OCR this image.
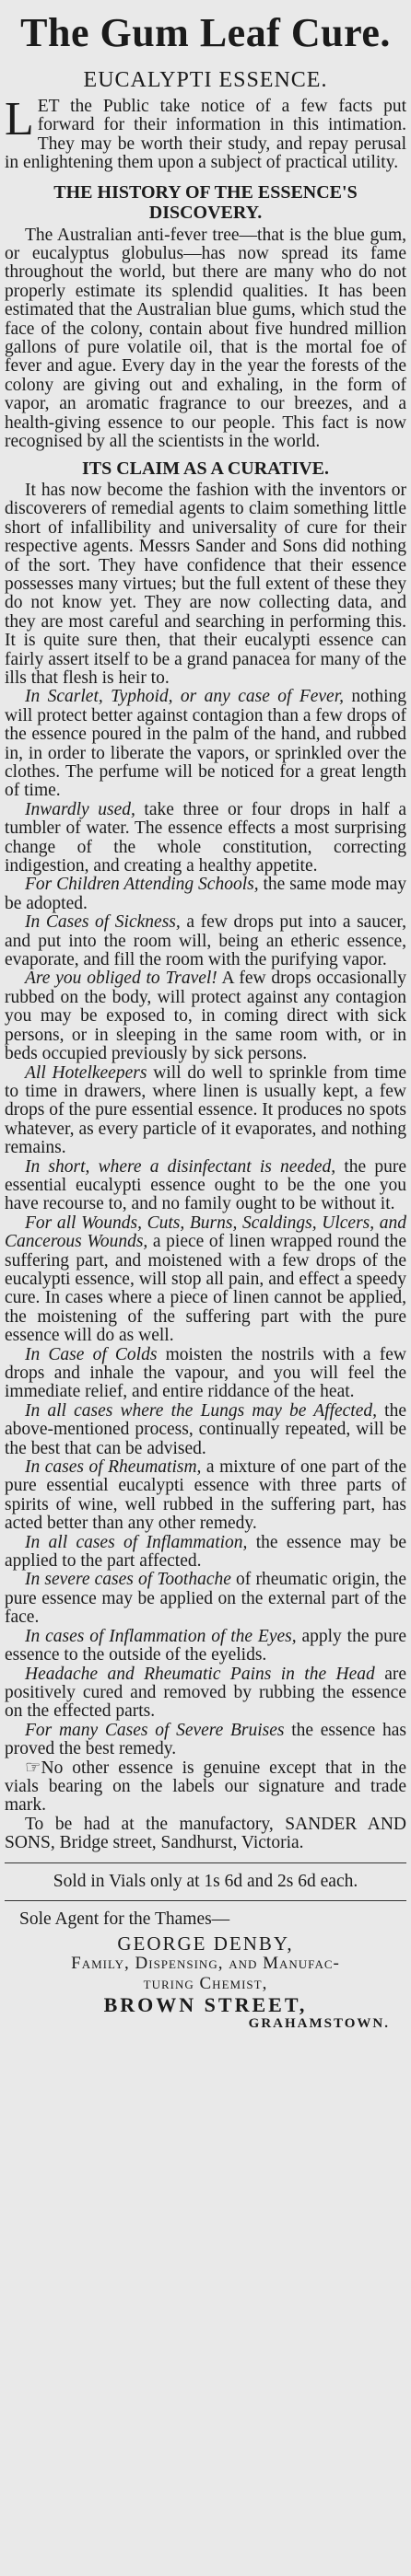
The Gum Leaf Cure.
EUCALYPTI ESSENCE.

LET the Public take notice of a few facts put forward for their information in this intimation. They may be worth their study, and repay perusal in enlightening them upon a subject of practical utility.

THE HISTORY OF THE ESSENCE'S DISCOVERY.

The Australian anti-fever tree—that is the blue gum, or eucalyptus globulus—has now spread its fame throughout the world, but there are many who do not properly estimate its splendid qualities. It has been estimated that the Australian blue gums, which stud the face of the colony, contain about five hundred million gallons of pure volatile oil, that is the mortal foe of fever and ague. Every day in the year the forests of the colony are giving out and exhaling, in the form of vapor, an aromatic fragrance to our breezes, and a health-giving essence to our people. This fact is now recognised by all the scientists in the world.

ITS CLAIM AS A CURATIVE.

It has now become the fashion with the inventors or discoverers of remedial agents to claim something little short of infallibility and universality of cure for their respective agents. Messrs Sander and Sons did nothing of the sort. They have confidence that their essence possesses many virtues; but the full extent of these they do not know yet. They are now collecting data, and they are most careful and searching in performing this. It is quite sure then, that their eucalypti essence can fairly assert itself to be a grand panacea for many of the ills that flesh is heir to.

In Scarlet, Typhoid, or any case of Fever, nothing will protect better against contagion than a few drops of the essence poured in the palm of the hand, and rubbed in, in order to liberate the vapors, or sprinkled over the clothes. The perfume will be noticed for a great length of time.

Inwardly used, take three or four drops in half a tumbler of water. The essence effects a most surprising change of the whole constitution, correcting indigestion, and creating a healthy appetite.

For Children Attending Schools, the same mode may be adopted.

In Cases of Sickness, a few drops put into a saucer, and put into the room will, being an etheric essence, evaporate, and fill the room with the purifying vapor.

Are you obliged to Travel! A few drops occasionally rubbed on the body, will protect against any contagion you may be exposed to, in coming direct with sick persons, or in sleeping in the same room with, or in beds occupied previously by sick persons.

All Hotelkeepers will do well to sprinkle from time to time in drawers, where linen is usually kept, a few drops of the pure essential essence. It produces no spots whatever, as every particle of it evaporates, and nothing remains.

In short, where a disinfectant is needed, the pure essential eucalypti essence ought to be the one you have recourse to, and no family ought to be without it.

For all Wounds, Cuts, Burns, Scaldings, Ulcers, and Cancerous Wounds, a piece of linen wrapped round the suffering part, and moistened with a few drops of the eucalypti essence, will stop all pain, and effect a speedy cure. In cases where a piece of linen cannot be applied, the moistening of the suffering part with the pure essence will do as well.

In Case of Colds moisten the nostrils with a few drops and inhale the vapour, and you will feel the immediate relief, and entire riddance of the heat.

In all cases where the Lungs may be Affected, the above-mentioned process, continually repeated, will be the best that can be advised.

In cases of Rheumatism, a mixture of one part of the pure essential eucalypti essence with three parts of spirits of wine, well rubbed in the suffering part, has acted better than any other remedy.

In all cases of Inflammation, the essence may be applied to the part affected.

In severe cases of Toothache of rheumatic origin, the pure essence may be applied on the external part of the face.

In cases of Inflammation of the Eyes, apply the pure essence to the outside of the eyelids.

Headache and Rheumatic Pains in the Head are positively cured and removed by rubbing the essence on the effected parts.

For many Cases of Severe Bruises the essence has proved the best remedy.

☞No other essence is genuine except that in the vials bearing on the labels our signature and trade mark.

To be had at the manufactory, SANDER AND SONS, Bridge street, Sandhurst, Victoria.

Sold in Vials only at 1s 6d and 2s 6d each.

Sole Agent for the Thames—

GEORGE DENBY,

Family, Dispensing, and Manufac-

turing Chemist,

BROWN STREET,

GRAHAMSTOWN.
